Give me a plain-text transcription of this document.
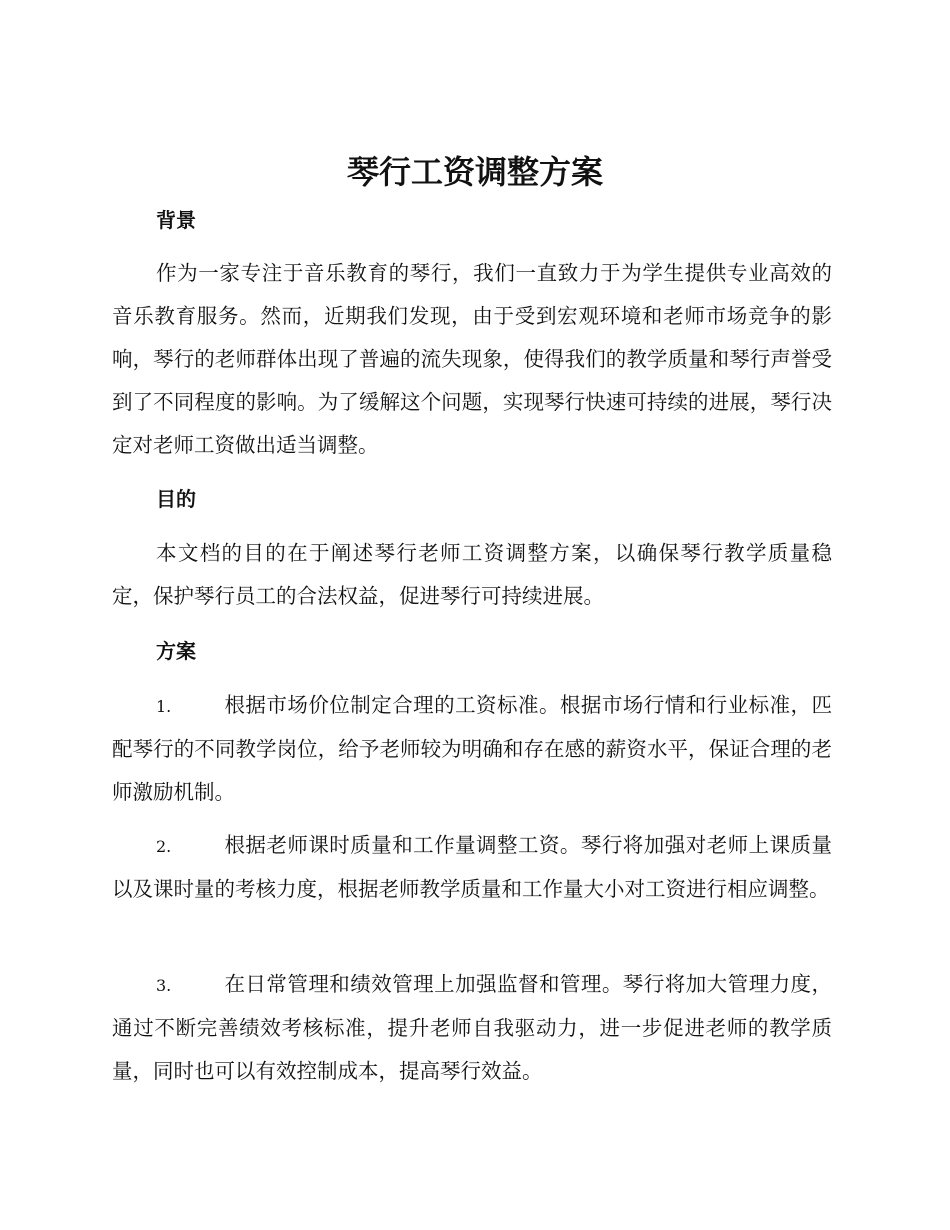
琴行工资调整方案
背景

作为一家专注于音乐教育的琴行，我们一直致力于为学生提供专业高效的音乐教育服务。然而，近期我们发现，由于受到宏观环境和老师市场竞争的影响，琴行的老师群体出现了普遍的流失现象，使得我们的教学质量和琴行声誉受到了不同程度的影响。为了缓解这个问题，实现琴行快速可持续的进展，琴行决定对老师工资做出适当调整。

目的

本文档的目的在于阐述琴行老师工资调整方案，以确保琴行教学质量稳定，保护琴行员工的合法权益，促进琴行可持续进展。

方案

1.	根据市场价位制定合理的工资标准。根据市场行情和行业标准，匹配琴行的不同教学岗位，给予老师较为明确和存在感的薪资水平，保证合理的老师激励机制。

2.	根据老师课时质量和工作量调整工资。琴行将加强对老师上课质量以及课时量的考核力度，根据老师教学质量和工作量大小对工资进行相应调整。

3.	在日常管理和绩效管理上加强监督和管理。琴行将加大管理力度，通过不断完善绩效考核标准，提升老师自我驱动力，进一步促进老师的教学质量，同时也可以有效控制成本，提高琴行效益。
